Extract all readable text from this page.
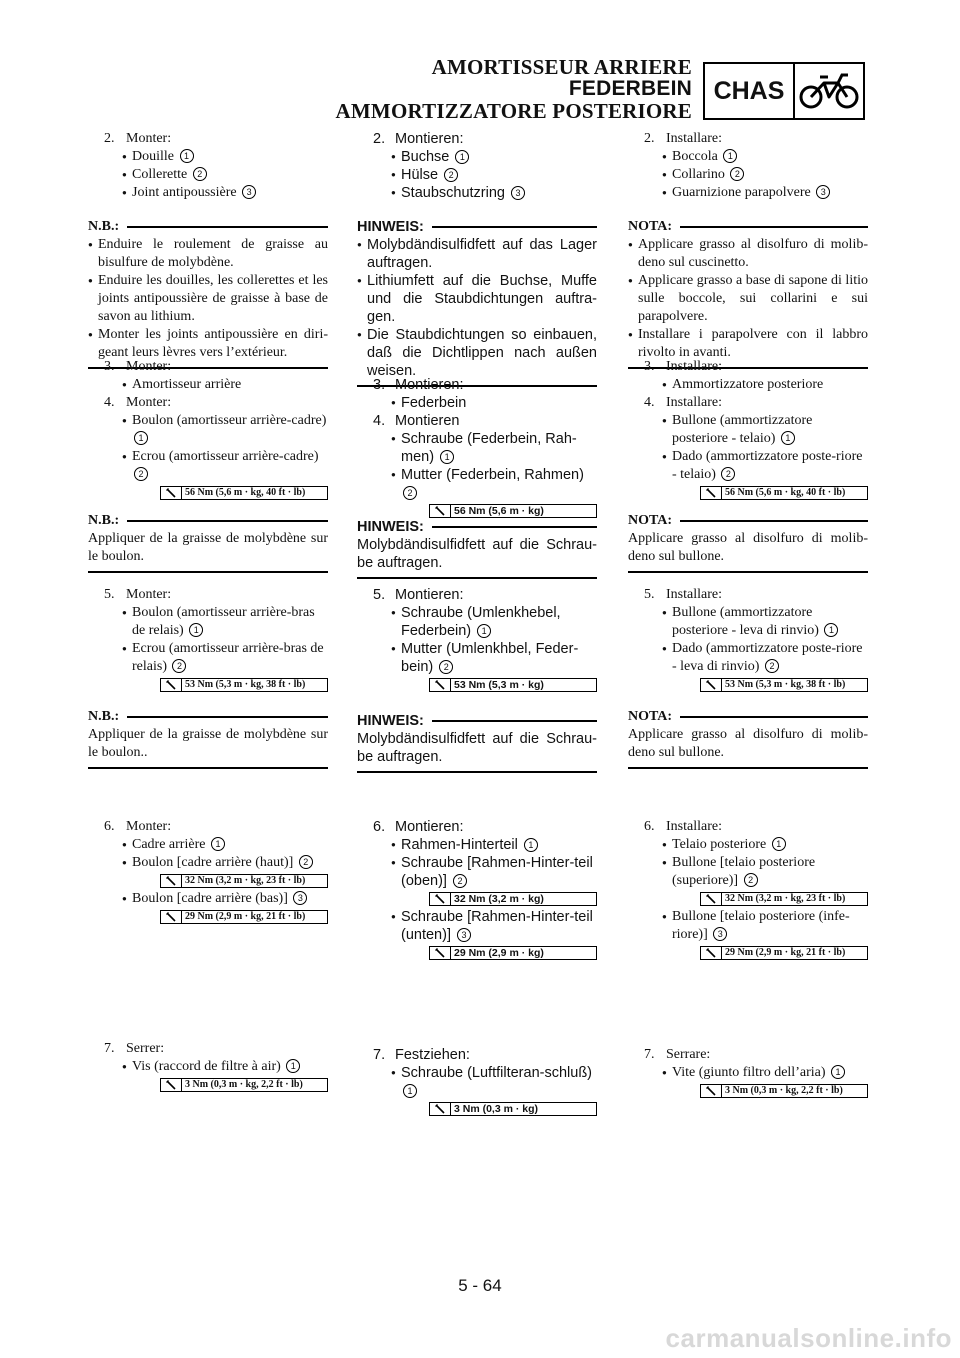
AMORTISSEUR ARRIERE
FEDERBEIN
AMMORTIZZATORE POSTERIORE
CHAS
2. Monter:
● Douille 1
● Collerette 2
● Joint antipoussière 3
N.B.:
● Enduire le roulement de graisse au bisulfure de molybdène.
● Enduire les douilles, les collerettes et les joints antipoussière de graisse à base de savon au lithium.
● Monter les joints antipoussière en diri-geant leurs lèvres vers l’extérieur.
3. Monter:
● Amortisseur arrière
4. Monter:
● Boulon (amortisseur arrière-cadre) 1
● Ecrou (amortisseur arrière-cadre) 2
56 Nm (5,6 m · kg, 40 ft · lb)
N.B.:
Appliquer de la graisse de molybdène sur le boulon.
5. Monter:
● Boulon (amortisseur arrière-bras de relais) 1
● Ecrou (amortisseur arrière-bras de relais) 2
53 Nm (5,3 m · kg, 38 ft · lb)
N.B.:
Appliquer de la graisse de molybdène sur le boulon..
6. Monter:
● Cadre arrière 1
● Boulon [cadre arrière (haut)] 2
32 Nm (3,2 m · kg, 23 ft · lb)
● Boulon [cadre arrière (bas)] 3
29 Nm (2,9 m · kg, 21 ft · lb)
7. Serrer:
● Vis (raccord de filtre à air) 1
3 Nm (0,3 m · kg, 2,2 ft · lb)
2. Montieren:
● Buchse 1
● Hülse 2
● Staubschutzring 3
HINWEIS:
● Molybdändisulfidfett auf das Lager auftragen.
● Lithiumfett auf die Buchse, Muffe und die Staubdichtungen auftra-gen.
● Die Staubdichtungen so einbauen, daß die Dichtlippen nach außen weisen.
3. Montieren:
● Federbein
4. Montieren
● Schraube (Federbein, Rah-men) 1
● Mutter (Federbein, Rahmen) 2
56 Nm (5,6 m · kg)
HINWEIS:
Molybdändisulfidfett auf die Schrau-be auftragen.
5. Montieren:
● Schraube (Umlenkhebel, Federbein) 1
● Mutter (Umlenkhbel, Feder-bein) 2
53 Nm (5,3 m · kg)
HINWEIS:
Molybdändisulfidfett auf die Schrau-be auftragen.
6. Montieren:
● Rahmen-Hinterteil 1
● Schraube [Rahmen-Hinter-teil (oben)] 2
32 Nm (3,2 m · kg)
● Schraube [Rahmen-Hinter-teil (unten)] 3
29 Nm (2,9 m · kg)
7. Festziehen:
● Schraube (Luftfilteran-schluß) 1
3 Nm (0,3 m · kg)
2. Installare:
● Boccola 1
● Collarino 2
● Guarnizione parapolvere 3
NOTA:
● Applicare grasso al disolfuro di molib-deno sul cuscinetto.
● Applicare grasso a base di sapone di litio sulle boccole, sui collarini e sui parapolvere.
● Installare i parapolvere con il labbro rivolto in avanti.
3. Installare:
● Ammortizzatore posteriore
4. Installare:
● Bullone (ammortizzatore posteriore - telaio) 1
● Dado (ammortizzatore poste-riore - telaio) 2
56 Nm (5,6 m · kg, 40 ft · lb)
NOTA:
Applicare grasso al disolfuro di molib-deno sul bullone.
5. Installare:
● Bullone (ammortizzatore posteriore - leva di rinvio) 1
● Dado (ammortizzatore poste-riore - leva di rinvio) 2
53 Nm (5,3 m · kg, 38 ft · lb)
NOTA:
Applicare grasso al disolfuro di molib-deno sul bullone.
6. Installare:
● Telaio posteriore 1
● Bullone [telaio posteriore (superiore)] 2
32 Nm (3,2 m · kg, 23 ft · lb)
● Bullone [telaio posteriore (infe-riore)] 3
29 Nm (2,9 m · kg, 21 ft · lb)
7. Serrare:
● Vite (giunto filtro dell’aria) 1
3 Nm (0,3 m · kg, 2,2 ft · lb)
5 - 64
carmanualsonline.info
